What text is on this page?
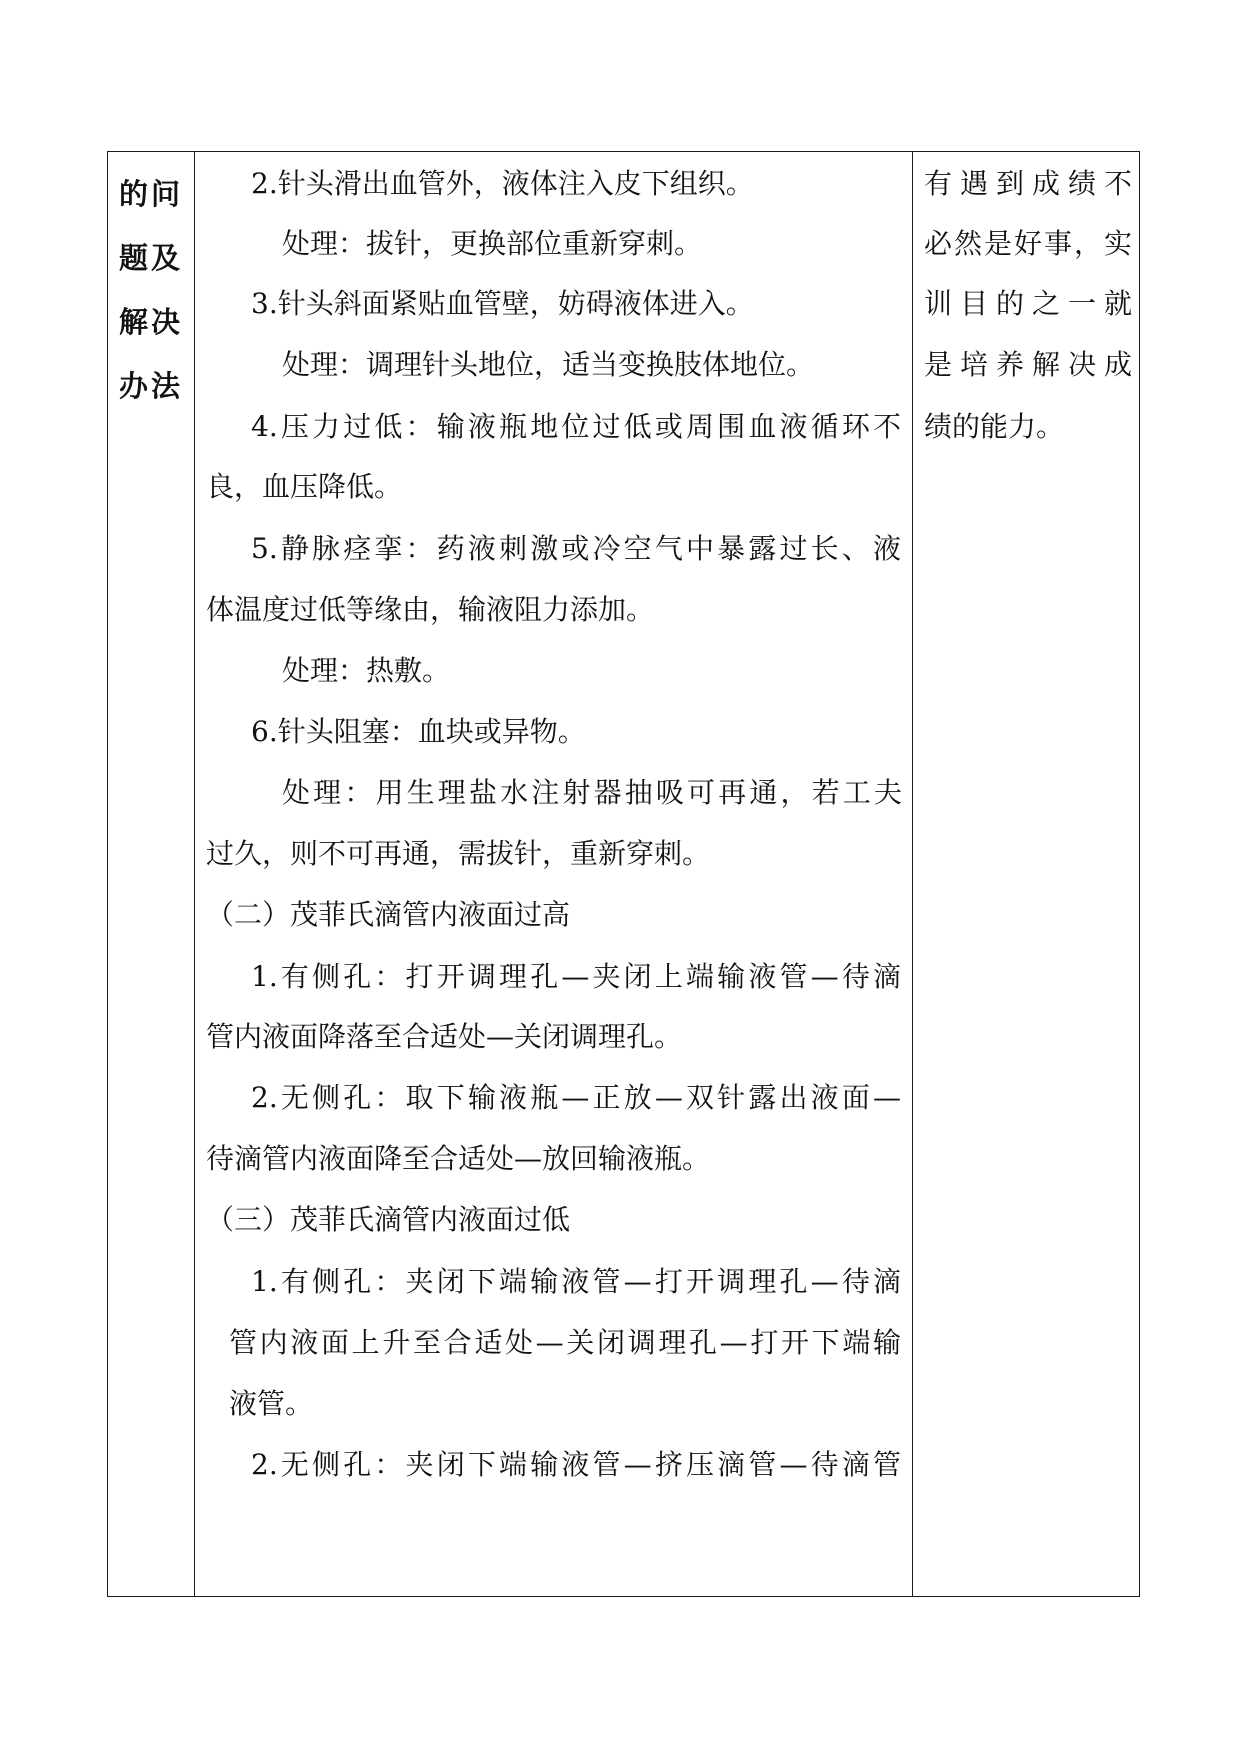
的问
题及
解决
办法
2.针头滑出血管外，液体注入皮下组织。
处理：拔针，更换部位重新穿刺。
3.针头斜面紧贴血管壁，妨碍液体进入。
处理：调理针头地位，适当变换肢体地位。
4.压力过低：输液瓶地位过低或周围血液循环不
良，血压降低。
5.静脉痉挛：药液刺激或冷空气中暴露过长、液
体温度过低等缘由，输液阻力添加。
处理：热敷。
6.针头阻塞：血块或异物。
处理：用生理盐水注射器抽吸可再通，若工夫
过久，则不可再通，需拔针，重新穿刺。
（二）茂菲氏滴管内液面过高
1.有侧孔：打开调理孔—夹闭上端输液管—待滴
管内液面降落至合适处—关闭调理孔。
2.无侧孔：取下输液瓶—正放—双针露出液面—
待滴管内液面降至合适处—放回输液瓶。
（三）茂菲氏滴管内液面过低
1.有侧孔：夹闭下端输液管—打开调理孔—待滴
管内液面上升至合适处—关闭调理孔—打开下端输
液管。
2.无侧孔：夹闭下端输液管—挤压滴管—待滴管
有遇到成绩不
必然是好事，实
训目的之一就
是培养解决成
绩的能力。
